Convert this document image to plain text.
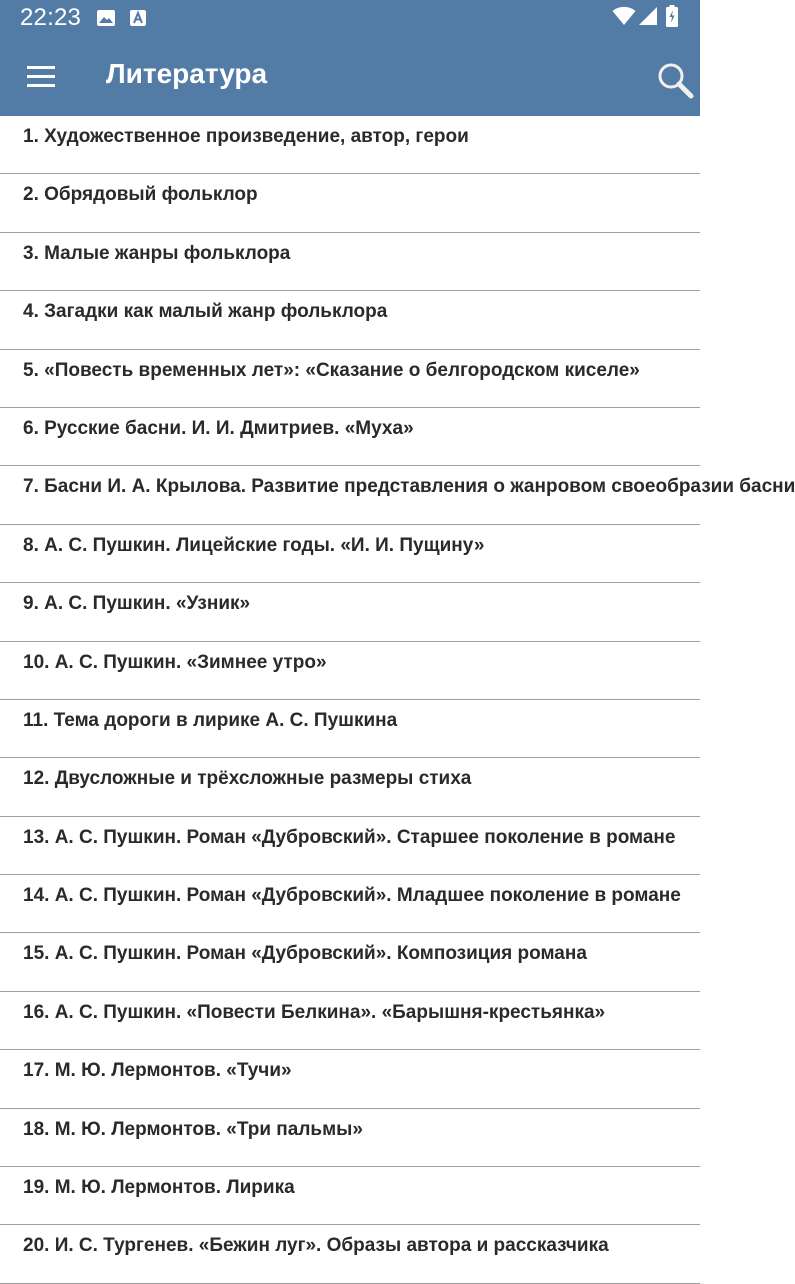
22:23
Литература
1. Художественное произведение, автор, герои
2. Обрядовый фольклор
3. Малые жанры фольклора
4. Загадки как малый жанр фольклора
5. «Повесть временных лет»: «Сказание о белгородском киселе»
6. Русские басни. И. И. Дмитриев. «Муха»
7. Басни И. А. Крылова. Развитие представления о жанровом своеобразии басни
8. А. С. Пушкин. Лицейские годы. «И. И. Пущину»
9. А. С. Пушкин. «Узник»
10. А. С. Пушкин. «Зимнее утро»
11. Тема дороги в лирике А. С. Пушкина
12. Двусложные и трёхсложные размеры стиха
13. А. С. Пушкин. Роман «Дубровский». Старшее поколение в романе
14. А. С. Пушкин. Роман «Дубровский». Младшее поколение в романе
15. А. С. Пушкин. Роман «Дубровский». Композиция романа
16. А. С. Пушкин. «Повести Белкина». «Барышня-крестьянка»
17. М. Ю. Лермонтов. «Тучи»
18. М. Ю. Лермонтов. «Три пальмы»
19. М. Ю. Лермонтов. Лирика
20. И. С. Тургенев. «Бежин луг». Образы автора и рассказчика
